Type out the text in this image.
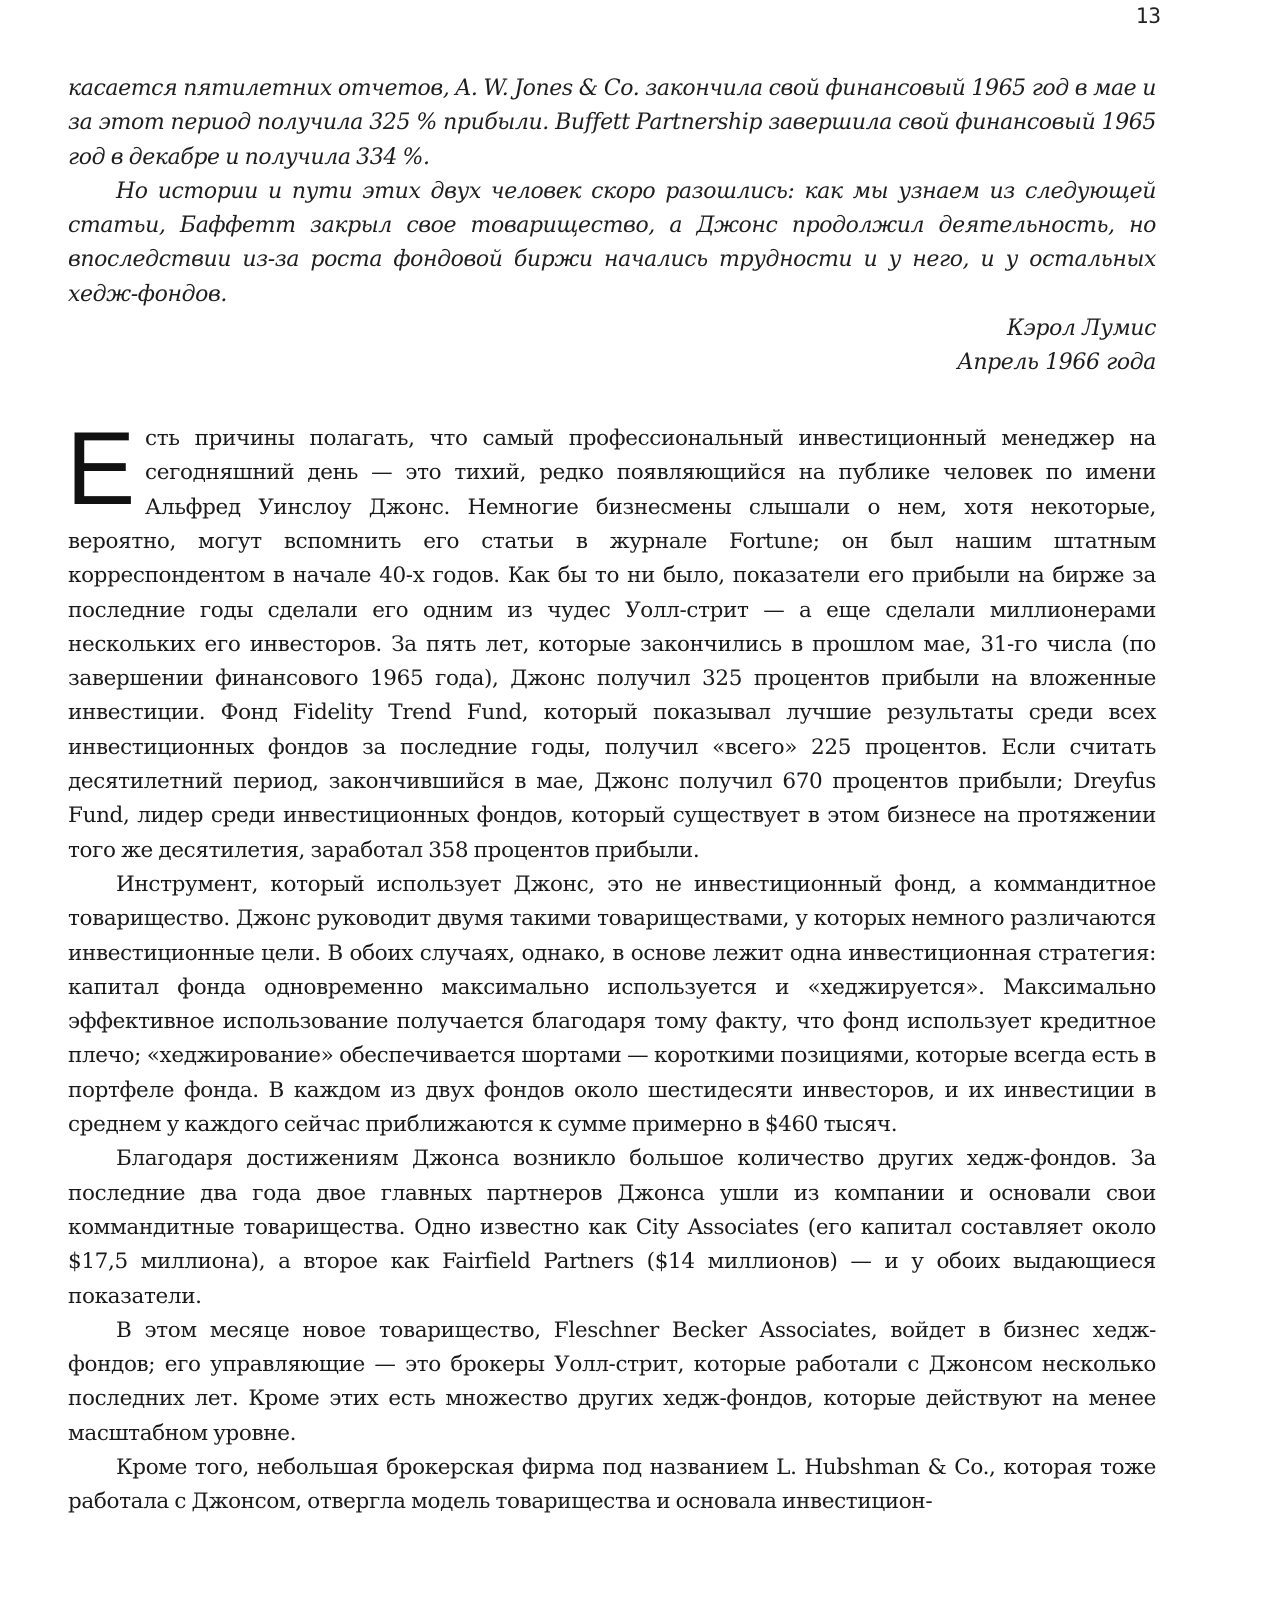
13

касается пятилетних отчетов, A. W. Jones & Co. закончила свой финансовый 1965 год в мае и за этот период получила 325 % прибыли. Buffett Partnership завершила свой финансовый 1965 год в декабре и получила 334 %.

Но истории и пути этих двух человек скоро разошлись: как мы узнаем из следующей статьи, Баффетт закрыл свое товарищество, а Джонс продолжил деятельность, но впоследствии из-за роста фондовой биржи начались трудности и у него, и у остальных хедж-фондов.

Кэрол Лумис
Апрель 1966 года

Есть причины полагать, что самый профессиональный инвестиционный менеджер на сегодняшний день — это тихий, редко появляющийся на публике человек по имени Альфред Уинслоу Джонс. Немногие бизнесмены слышали о нем, хотя некоторые, вероятно, могут вспомнить его статьи в журнале Fortune; он был нашим штатным корреспондентом в начале 40-х годов. Как бы то ни было, показатели его прибыли на бирже за последние годы сделали его одним из чудес Уолл-стрит — а еще сделали миллионерами нескольких его инвесторов. За пять лет, которые закончились в прошлом мае, 31-го числа (по завершении финансового 1965 года), Джонс получил 325 процентов прибыли на вложенные инвестиции. Фонд Fidelity Trend Fund, который показывал лучшие результаты среди всех инвестиционных фондов за последние годы, получил «всего» 225 процентов. Если считать десятилетний период, закончившийся в мае, Джонс получил 670 процентов прибыли; Dreyfus Fund, лидер среди инвестиционных фондов, который существует в этом бизнесе на протяжении того же десятилетия, заработал 358 процентов прибыли.

Инструмент, который использует Джонс, это не инвестиционный фонд, а коммандитное товарищество. Джонс руководит двумя такими товариществами, у которых немного различаются инвестиционные цели. В обоих случаях, однако, в основе лежит одна инвестиционная стратегия: капитал фонда одновременно максимально используется и «хеджируется». Максимально эффективное использование получается благодаря тому факту, что фонд использует кредитное плечо; «хеджирование» обеспечивается шортами — короткими позициями, которые всегда есть в портфеле фонда. В каждом из двух фондов около шестидесяти инвесторов, и их инвестиции в среднем у каждого сейчас приближаются к сумме примерно в $460 тысяч.

Благодаря достижениям Джонса возникло большое количество других хедж-фондов. За последние два года двое главных партнеров Джонса ушли из компании и основали свои коммандитные товарищества. Одно известно как City Associates (его капитал составляет около $17,5 миллиона), а второе как Fairfield Partners ($14 миллионов) — и у обоих выдающиеся показатели.

В этом месяце новое товарищество, Fleschner Becker Associates, войдет в бизнес хедж-фондов; его управляющие — это брокеры Уолл-стрит, которые работали с Джонсом несколько последних лет. Кроме этих есть множество других хедж-фондов, которые действуют на менее масштабном уровне.

Кроме того, небольшая брокерская фирма под названием L. Hubshman & Co., которая тоже работала с Джонсом, отвергла модель товарищества и основала инвестицион-
